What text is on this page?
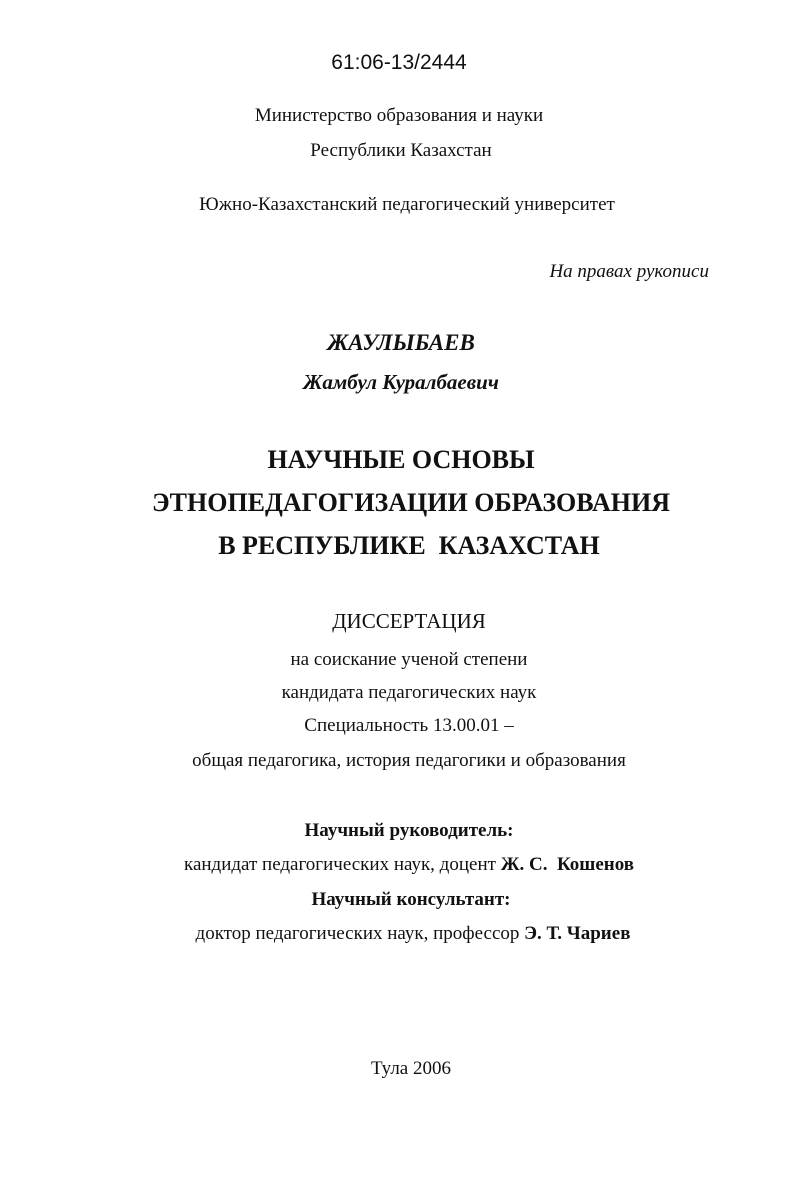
61:06-13/2444
Министерство образования и науки
Республики Казахстан
Южно-Казахстанский педагогический университет
На правах рукописи
ЖАУЛЫБАЕВ
Жамбул Куралбаевич
НАУЧНЫЕ ОСНОВЫ
ЭТНОПЕДАГОГИЗАЦИИ ОБРАЗОВАНИЯ
В РЕСПУБЛИКЕ  КАЗАХСТАН
ДИССЕРТАЦИЯ
на соискание ученой степени
кандидата педагогических наук
Специальность 13.00.01 –
общая педагогика, история педагогики и образования
Научный руководитель:
кандидат педагогических наук, доцент Ж. С.  Кошенов
Научный консультант:
доктор педагогических наук, профессор Э. Т. Чариев
Тула 2006
